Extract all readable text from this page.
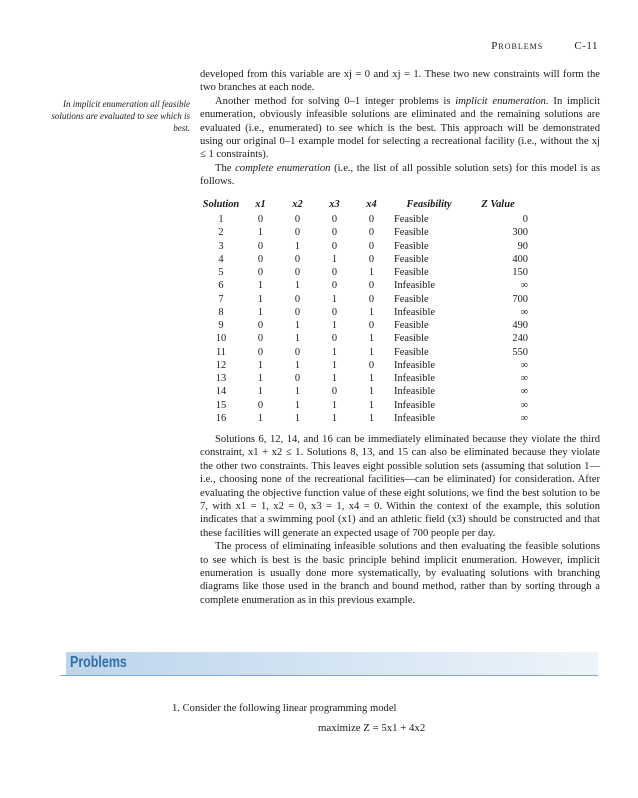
Problems	C-11
In implicit enumeration all feasible solutions are evaluated to see which is best.

developed from this variable are xj = 0 and xj = 1. These two new constraints will form the two branches at each node.

Another method for solving 0–1 integer problems is implicit enumeration. In implicit enumeration, obviously infeasible solutions are eliminated and the remaining solutions are evaluated (i.e., enumerated) to see which is the best. This approach will be demonstrated using our original 0–1 example model for selecting a recreational facility (i.e., without the xj ≤ 1 constraints).

The complete enumeration (i.e., the list of all possible solution sets) for this model is as follows.

Solution	x1	x2	x3	x4	Feasibility	Z Value
1	0	0	0	0	Feasible	0
2	1	0	0	0	Feasible	300
3	0	1	0	0	Feasible	90
4	0	0	1	0	Feasible	400
5	0	0	0	1	Feasible	150
6	1	1	0	0	Infeasible	∞
7	1	0	1	0	Feasible	700
8	1	0	0	1	Infeasible	∞
9	0	1	1	0	Feasible	490
10	0	1	0	1	Feasible	240
11	0	0	1	1	Feasible	550
12	1	1	1	0	Infeasible	∞
13	1	0	1	1	Infeasible	∞
14	1	1	0	1	Infeasible	∞
15	0	1	1	1	Infeasible	∞
16	1	1	1	1	Infeasible	∞

Solutions 6, 12, 14, and 16 can be immediately eliminated because they violate the third constraint, x1 + x2 ≤ 1. Solutions 8, 13, and 15 can also be eliminated because they violate the other two constraints. This leaves eight possible solution sets (assuming that solution 1—i.e., choosing none of the recreational facilities—can be eliminated) for consideration. After evaluating the objective function value of these eight solutions, we find the best solution to be 7, with x1 = 1, x2 = 0, x3 = 1, x4 = 0. Within the context of the example, this solution indicates that a swimming pool (x1) and an athletic field (x3) should be constructed and that these facilities will generate an expected usage of 700 people per day.

The process of eliminating infeasible solutions and then evaluating the feasible solutions to see which is best is the basic principle behind implicit enumeration. However, implicit enumeration is usually done more systematically, by evaluating solutions with branching diagrams like those used in the branch and bound method, rather than by sorting through a complete enumeration as in this previous example.

Problems
1. Consider the following linear programming model
maximize Z = 5x1 + 4x2
